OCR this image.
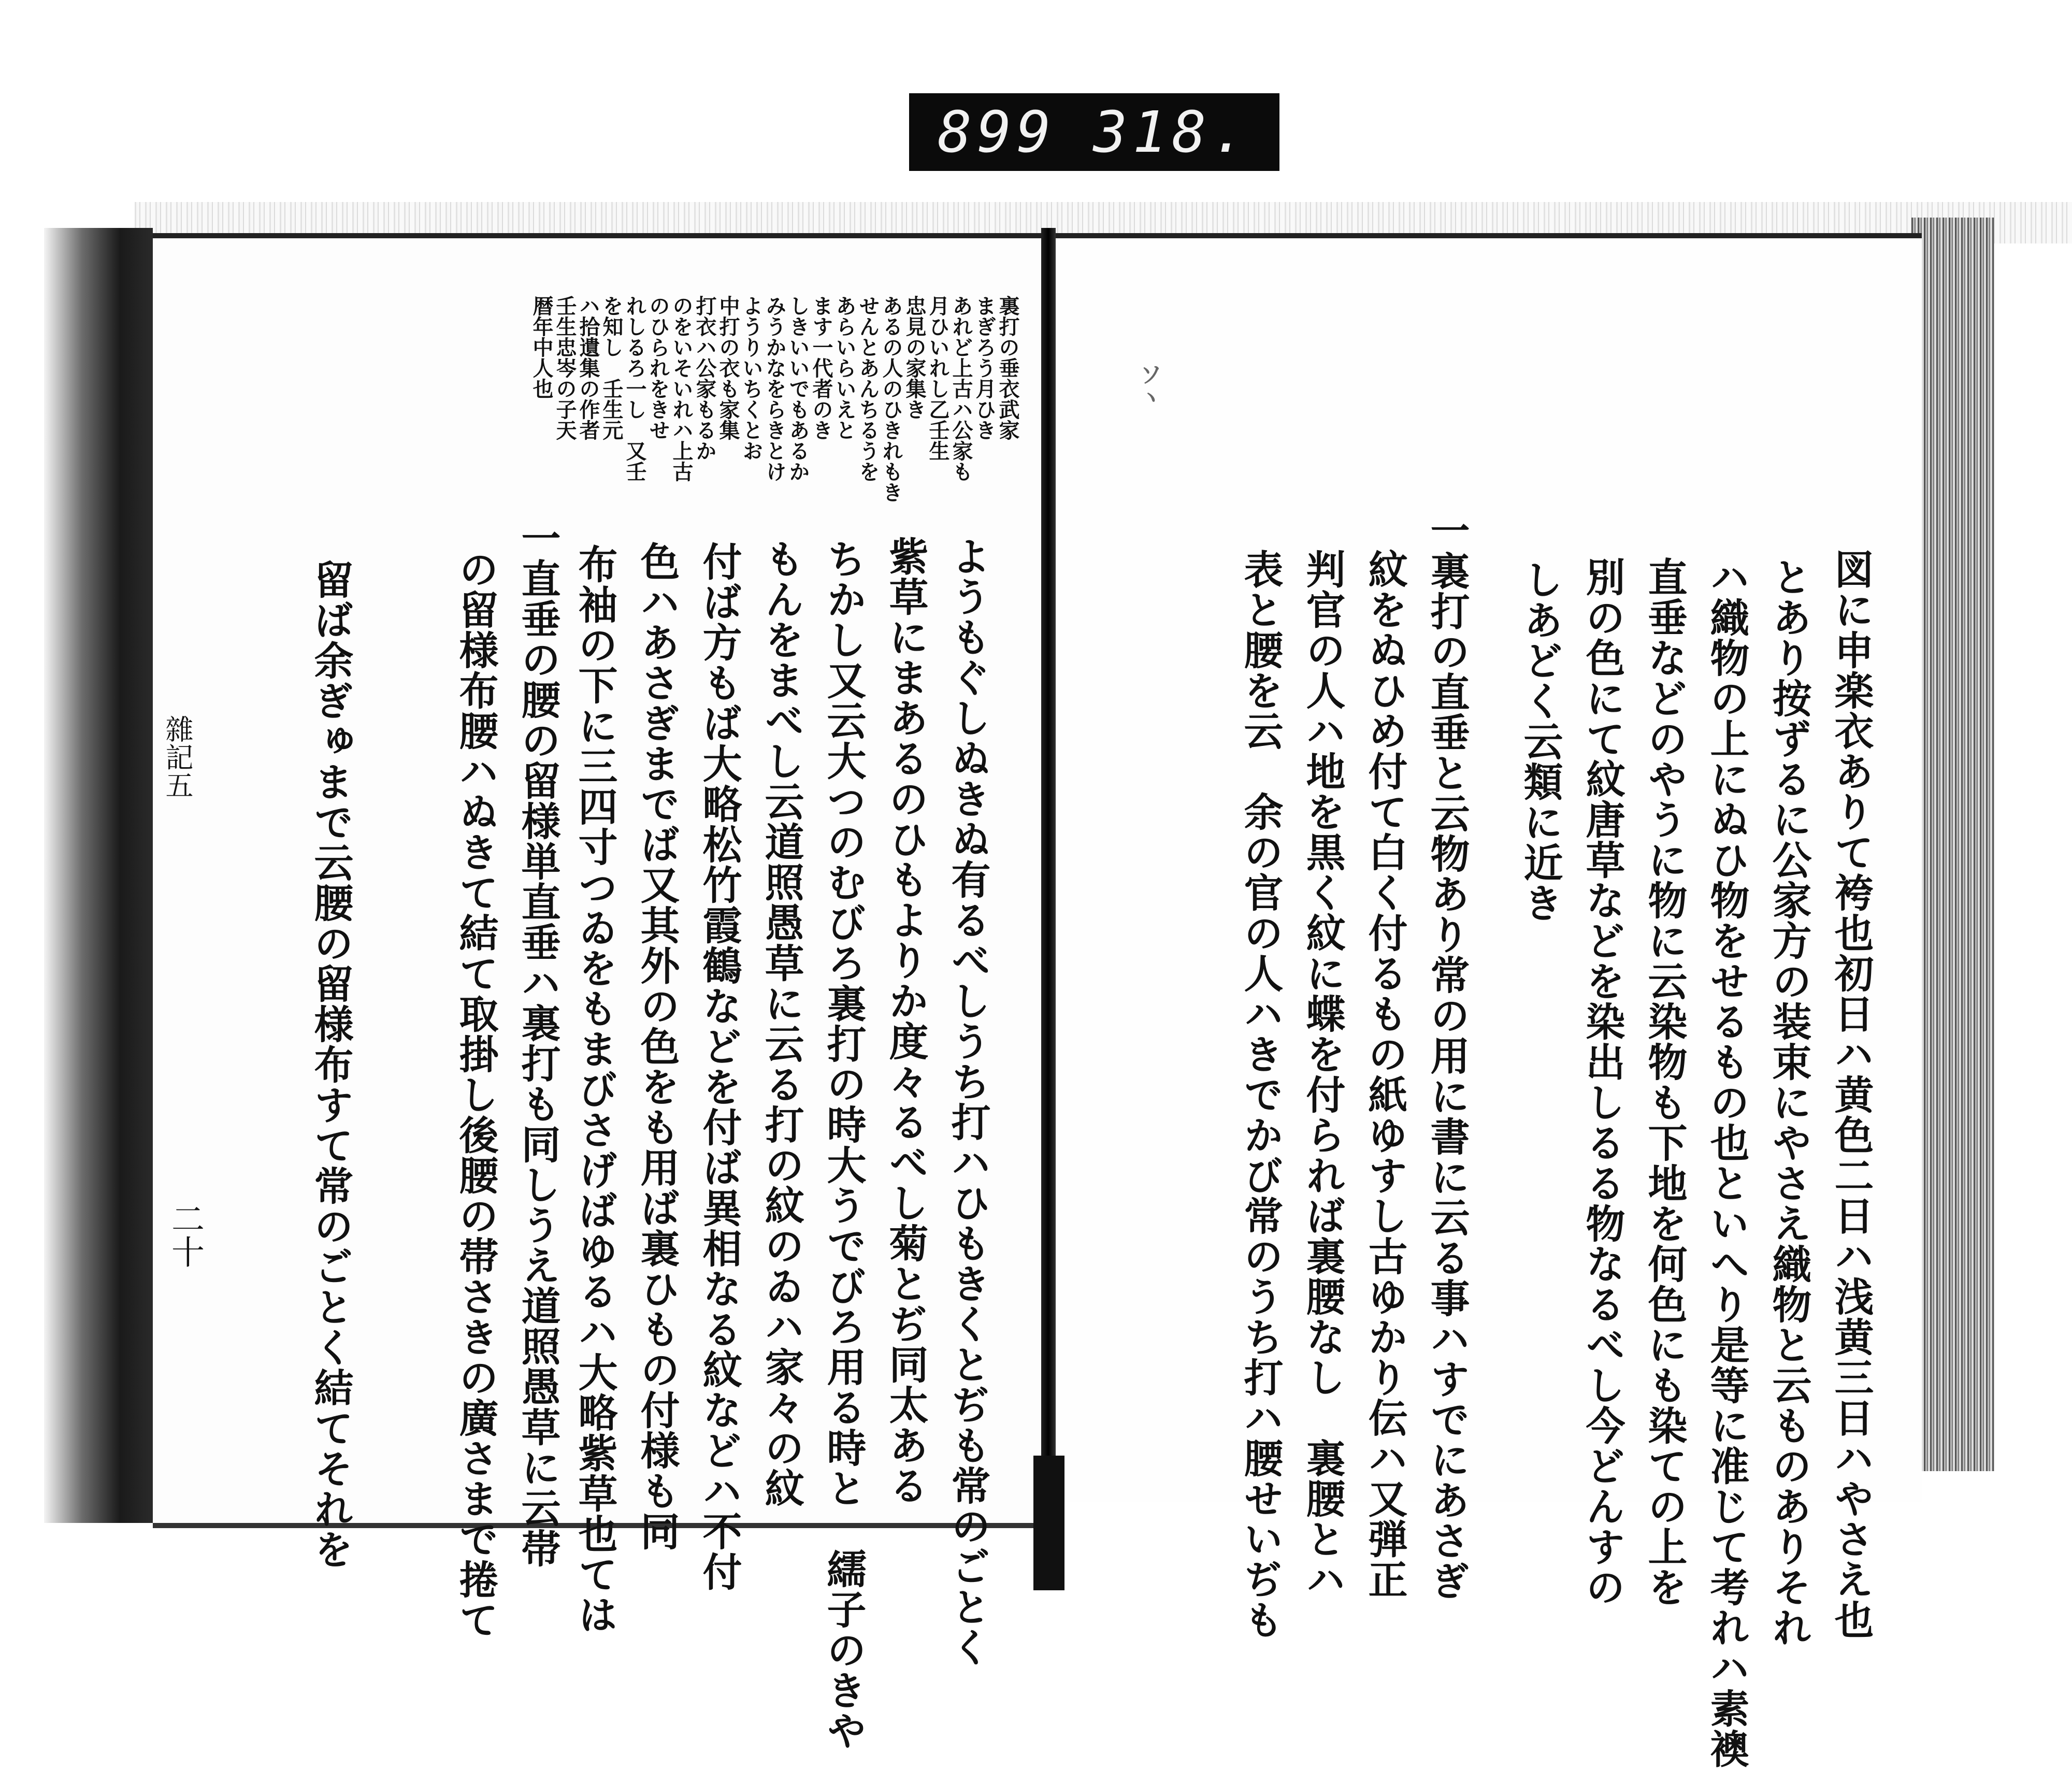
899 318.
ソヽ
図に申楽衣ありて袴也初日ハ黄色二日ハ浅黄三日ハやさえ也
とあり按ずるに公家方の装束にやさえ織物と云ものありそれ
ハ織物の上にぬひ物をせるもの也といへり是等に准じて考れハ素襖
直垂などのやうに物に云染物も下地を何色にも染ての上を
別の色にて紋唐草などを染出しるる物なるべし今どんすの
しあどく云類に近き
一裏打の直垂と云物あり常の用に書に云る事ハすでにあさぎ
紋をぬひめ付て白く付るもの紙ゆすし古ゆかり伝ハ又弾正
判官の人ハ地を黒く紋に蝶を付られば裏腰なし　裏腰とハ
表と腰を云　余の官の人ハきでかび常のうち打ハ腰せいぢも
裏打の垂衣武家
まぎろう月ひき
あれど上古ハ公家も
月ひいれし乙壬生
忠見の家集き
あるの人のひきれもき
せんとあんちるうを
あらいらいえと
ます一代者のき
しきいいでもあるか
みうかなをらきとけ
ようりいちくとお
中打の衣も家集
打衣ハ公家もるか
のをいそいれハ上古
のひられをきせ
れしるろ一し　又壬
を知し　壬生元
ハ拾遺集の作者
壬生忠岑の子天
暦年中人也
ようもぐしぬきぬ有るべしうち打ハひもきくとぢも常のごとく
紫草にまあるのひもよりか度々るべし菊とぢ同太ある
ちかし又云大つのむびろ裏打の時大うでびろ用る時と　繻子のきや
もんをまべし云道照愚草に云る打の紋のゐハ家々の紋
付ば方もば大略松竹霞鶴などを付ば異相なる紋などハ不付
色ハあさぎまでば又其外の色をも用ば裏ひもの付様も同
布袖の下に三四寸つゐをもまびさげばゆるハ大略紫草也ては
一直垂の腰の留様単直垂ハ裏打も同しうえ道照愚草に云帯
の留様布腰ハぬきて結て取掛し後腰の帯さきの廣さまで捲て
留ば余ぎゅまで云腰の留様布すて常のごとく結てそれを
雜記五
二十
